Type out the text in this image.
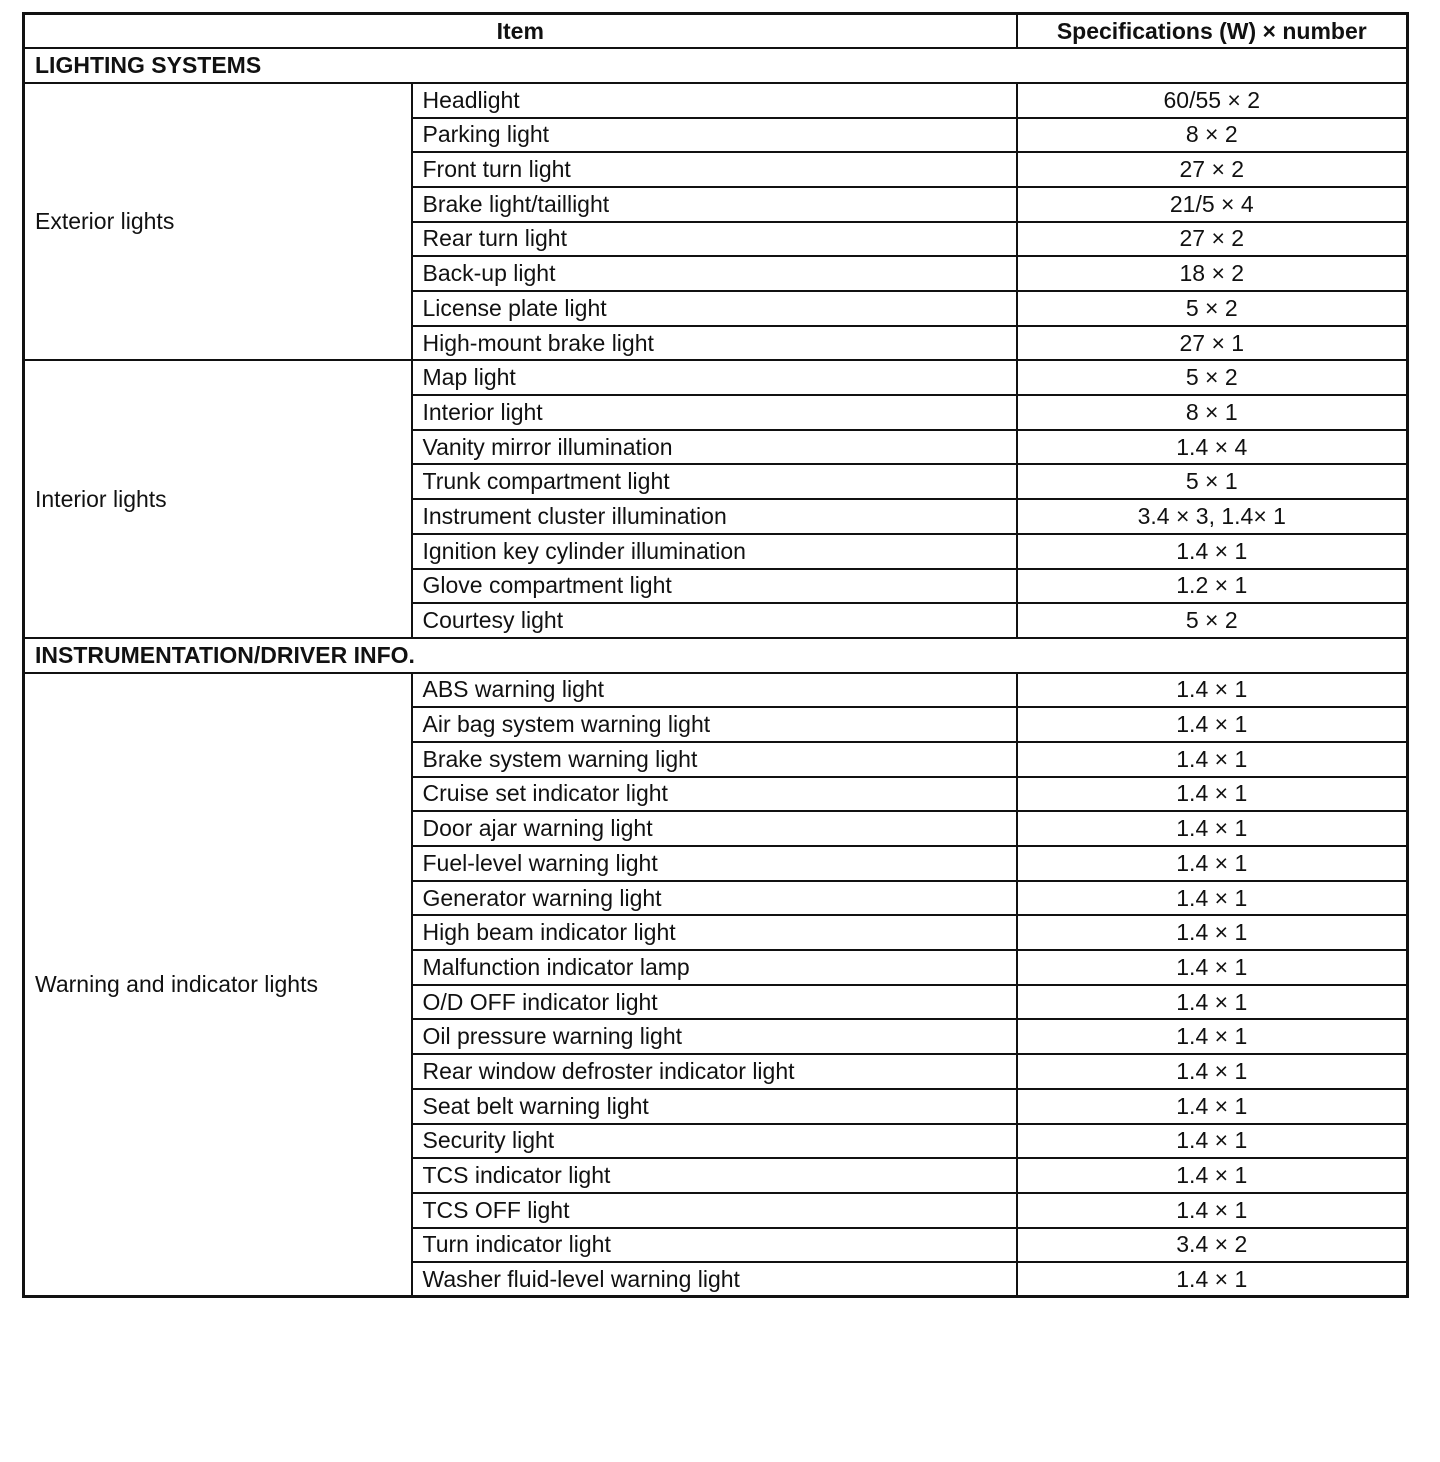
Item		Specifications (W) × number
LIGHTING SYSTEMS		
Exterior lights	Headlight	60/55 × 2
	Parking light	8 × 2
	Front turn light	27 × 2
	Brake light/taillight	21/5 × 4
	Rear turn light	27 × 2
	Back-up light	18 × 2
	License plate light	5 × 2
	High-mount brake light	27 × 1
Interior lights	Map light	5 × 2
	Interior light	8 × 1
	Vanity mirror illumination	1.4 × 4
	Trunk compartment light	5 × 1
	Instrument cluster illumination	3.4 × 3, 1.4× 1
	Ignition key cylinder illumination	1.4 × 1
	Glove compartment light	1.2 × 1
	Courtesy light	5 × 2
INSTRUMENTATION/DRIVER INFO.		
Warning and indicator lights	ABS warning light	1.4 × 1
	Air bag system warning light	1.4 × 1
	Brake system warning light	1.4 × 1
	Cruise set indicator light	1.4 × 1
	Door ajar warning light	1.4 × 1
	Fuel-level warning light	1.4 × 1
	Generator warning light	1.4 × 1
	High beam indicator light	1.4 × 1
	Malfunction indicator lamp	1.4 × 1
	O/D OFF indicator light	1.4 × 1
	Oil pressure warning light	1.4 × 1
	Rear window defroster indicator light	1.4 × 1
	Seat belt warning light	1.4 × 1
	Security light	1.4 × 1
	TCS indicator light	1.4 × 1
	TCS OFF light	1.4 × 1
	Turn indicator light	3.4 × 2
	Washer fluid-level warning light	1.4 × 1
